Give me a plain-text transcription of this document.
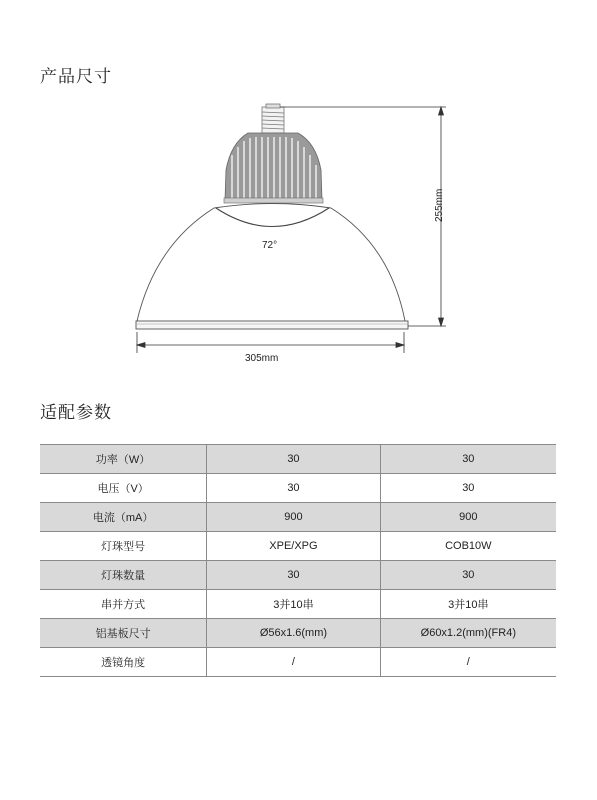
产品尺寸
72°
305mm
255mm
适配参数
功率（W）	30	30
电压（V）	30	30
电流（mA）	900	900
灯珠型号	XPE/XPG	COB10W
灯珠数量	30	30
串并方式	3并10串	3并10串
铝基板尺寸	Ø56x1.6(mm)	Ø60x1.2(mm)(FR4)
透镜角度	/	/
